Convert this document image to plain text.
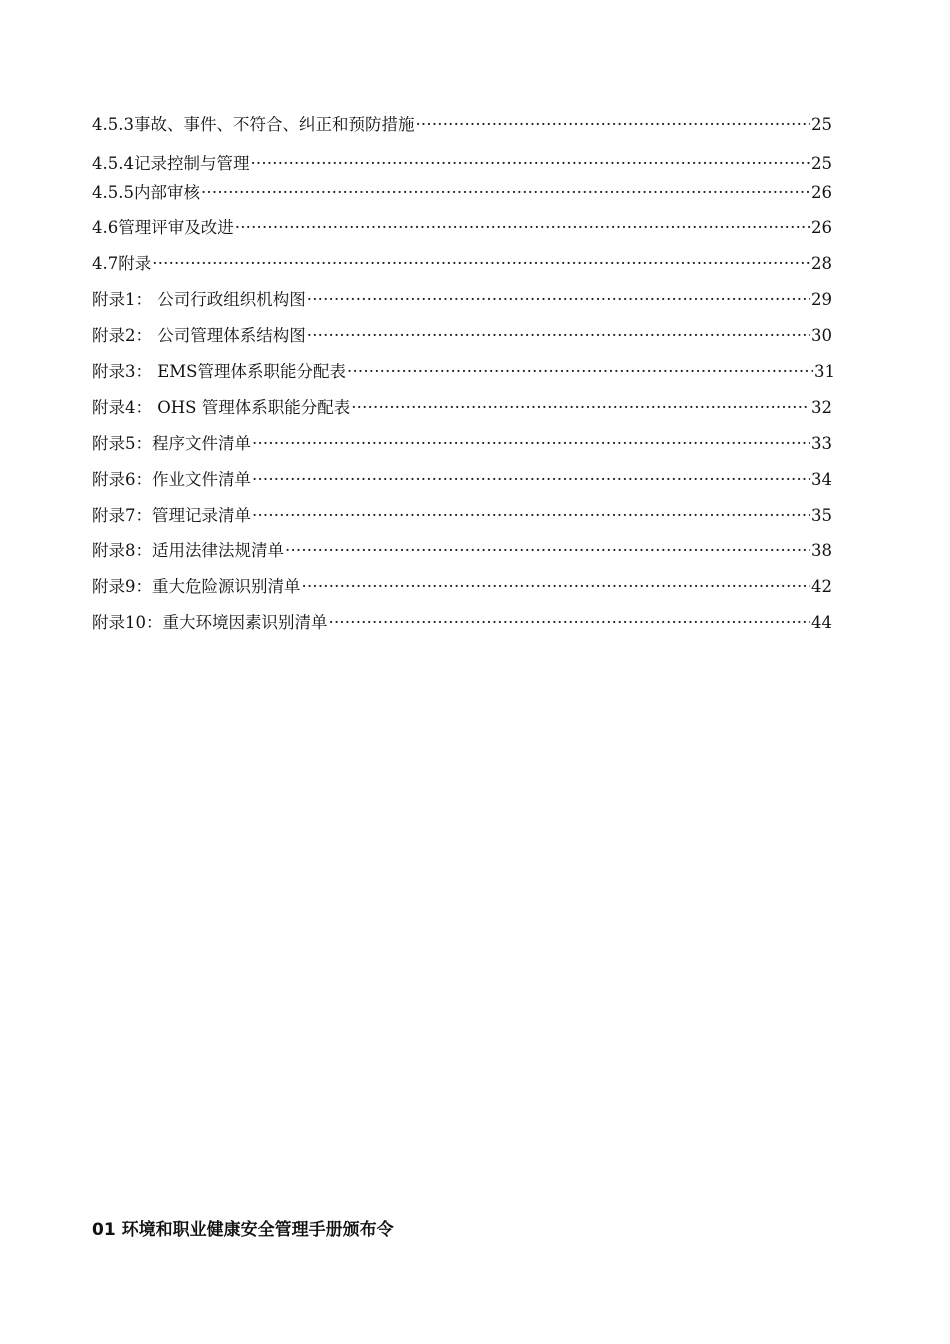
4.5.3事故、事件、不符合、纠正和预防措施 ·····	25
4.5.4记录控制与管理 ·····	25
4.5.5内部审核 ·····	26
4.6管理评审及改进 ·····	26
4.7附录 ·····	28
附录1： 公司行政组织机构图 ·····	29
附录2： 公司管理体系结构图 ·····	30
附录3： EMS管理体系职能分配表 ·····	31
附录4： OHS 管理体系职能分配表 ·····	32
附录5：程序文件清单 ·····	33
附录6：作业文件清单 ·····	34
附录7：管理记录清单 ·····	35
附录8：适用法律法规清单 ·····	38
附录9：重大危险源识别清单 ·····	42
附录10：重大环境因素识别清单 ·····	44
01 环境和职业健康安全管理手册颁布令
